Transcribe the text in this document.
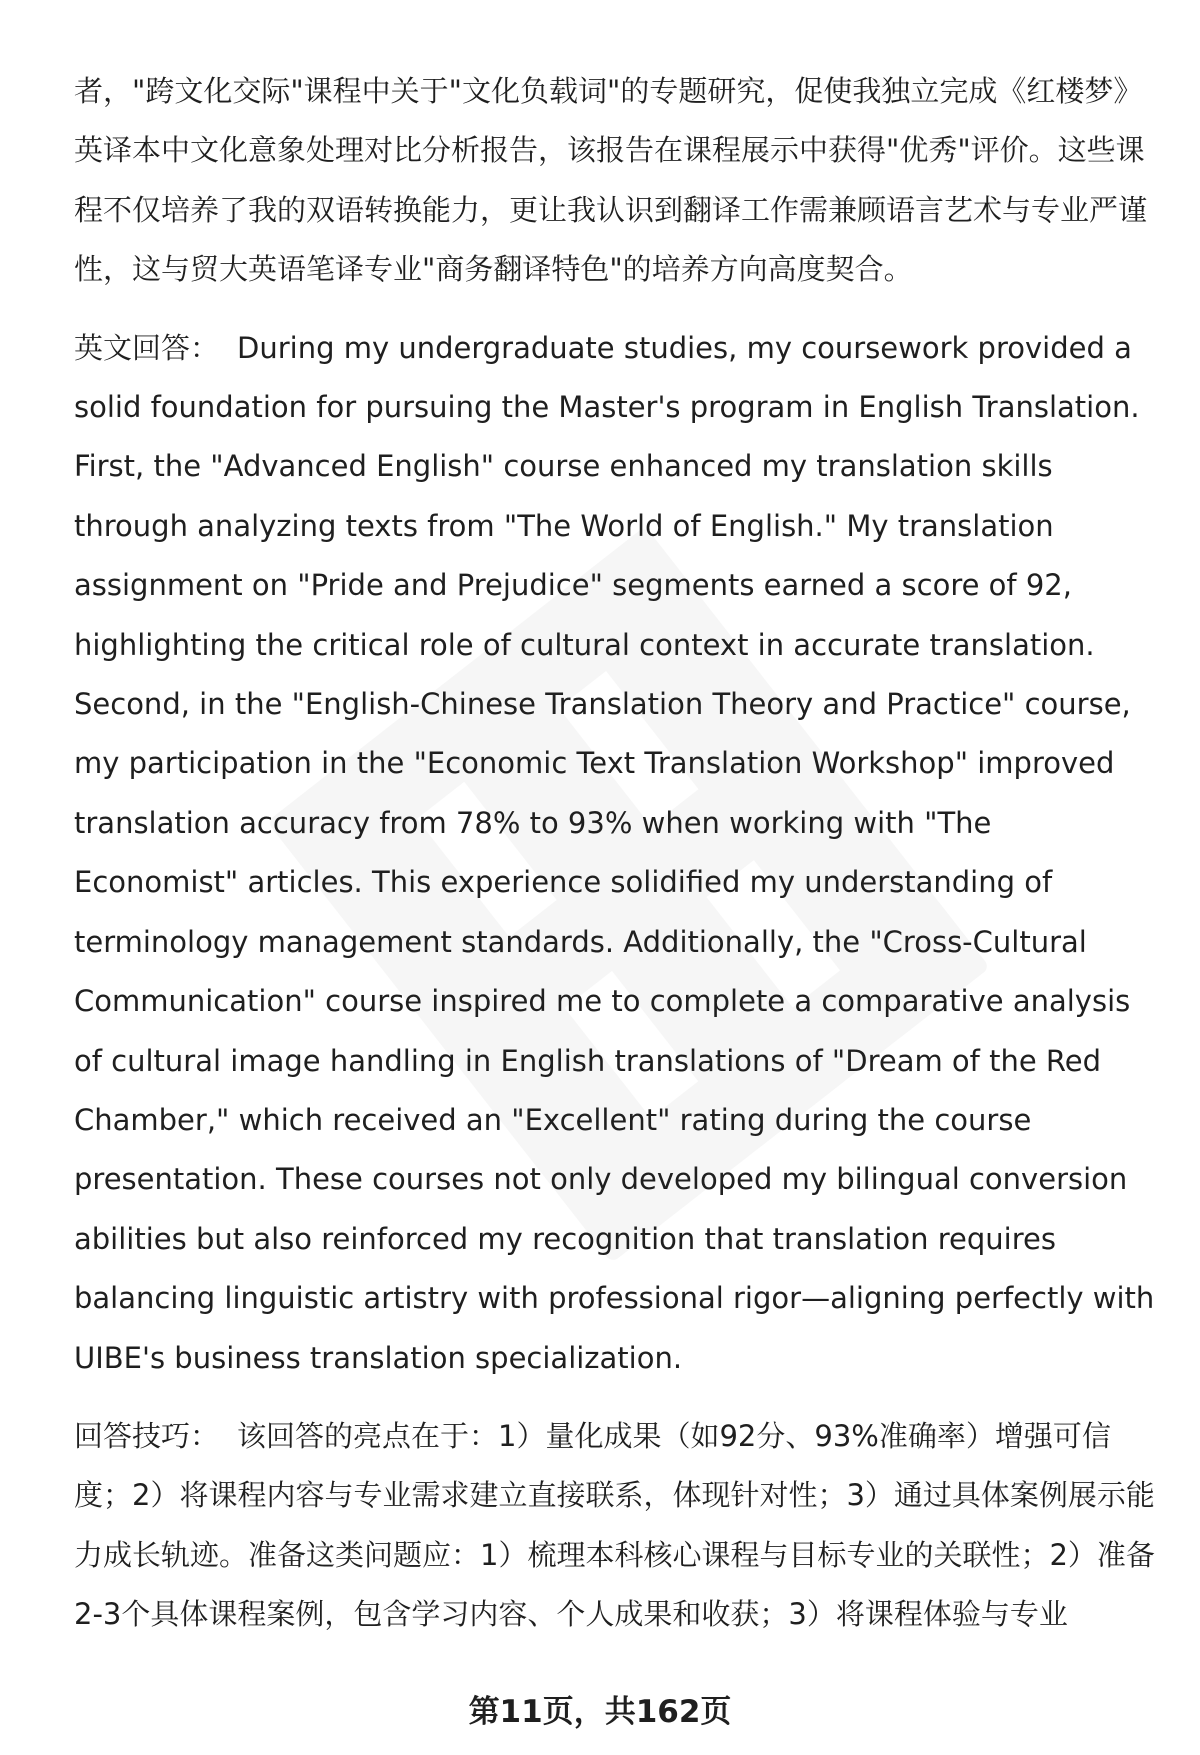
者，"跨文化交际"课程中关于"文化负载词"的专题研究，促使我独立完成《红楼梦》英译本中文化意象处理对比分析报告，该报告在课程展示中获得"优秀"评价。这些课程不仅培养了我的双语转换能力，更让我认识到翻译工作需兼顾语言艺术与专业严谨性，这与贸大英语笔译专业"商务翻译特色"的培养方向高度契合。

英文回答： During my undergraduate studies, my coursework provided a solid foundation for pursuing the Master's program in English Translation. First, the "Advanced English" course enhanced my translation skills through analyzing texts from "The World of English." My translation assignment on "Pride and Prejudice" segments earned a score of 92, highlighting the critical role of cultural context in accurate translation. Second, in the "English-Chinese Translation Theory and Practice" course, my participation in the "Economic Text Translation Workshop" improved translation accuracy from 78% to 93% when working with "The Economist" articles. This experience solidified my understanding of terminology management standards. Additionally, the "Cross-Cultural Communication" course inspired me to complete a comparative analysis of cultural image handling in English translations of "Dream of the Red Chamber," which received an "Excellent" rating during the course presentation. These courses not only developed my bilingual conversion abilities but also reinforced my recognition that translation requires balancing linguistic artistry with professional rigor—aligning perfectly with UIBE's business translation specialization.

回答技巧： 该回答的亮点在于：1）量化成果（如92分、93%准确率）增强可信度；2）将课程内容与专业需求建立直接联系，体现针对性；3）通过具体案例展示能力成长轨迹。准备这类问题应：1）梳理本科核心课程与目标专业的关联性；2）准备2-3个具体课程案例，包含学习内容、个人成果和收获；3）将课程体验与专业

第11页，共162页
